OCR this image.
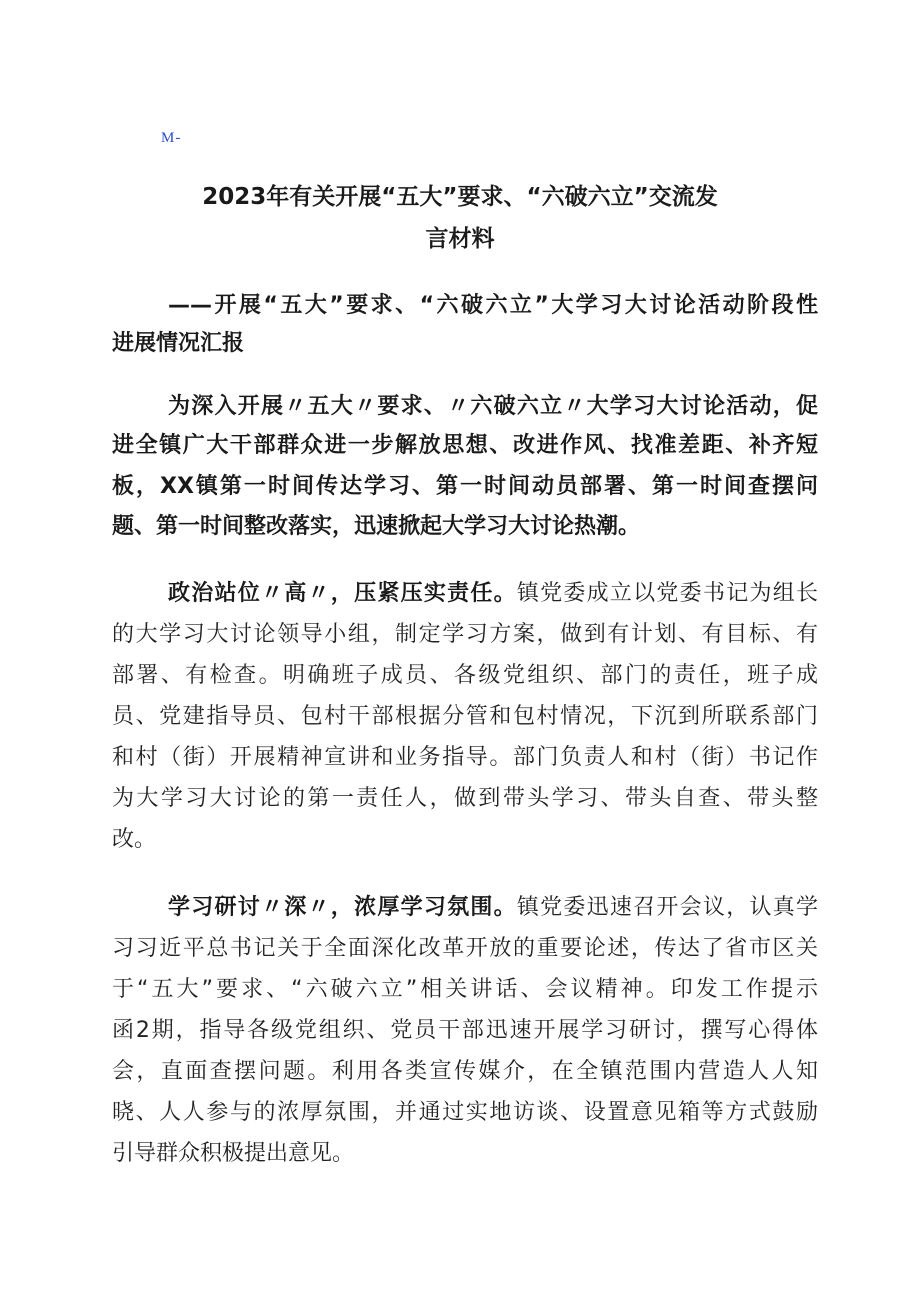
M-
2023年有关开展“五大”要求、“六破六立”交流发
言材料
——开展“五大”要求、“六破六立”大学习大讨论活动阶段性
进展情况汇报
为深入开展〃五大〃要求、〃六破六立〃大学习大讨论活动，促
进全镇广大干部群众进一步解放思想、改进作风、找准差距、补齐短
板，XX镇第一时间传达学习、第一时间动员部署、第一时间查摆问
题、第一时间整改落实，迅速掀起大学习大讨论热潮。
政治站位〃高〃，压紧压实责任。镇党委成立以党委书记为组长
的大学习大讨论领导小组，制定学习方案，做到有计划、有目标、有
部署、有检查。明确班子成员、各级党组织、部门的责任，班子成
员、党建指导员、包村干部根据分管和包村情况，下沉到所联系部门
和村（街）开展精神宣讲和业务指导。部门负责人和村（街）书记作
为大学习大讨论的第一责任人，做到带头学习、带头自查、带头整
改。
学习研讨〃深〃，浓厚学习氛围。镇党委迅速召开会议，认真学
习习近平总书记关于全面深化改革开放的重要论述，传达了省市区关
于“五大”要求、“六破六立”相关讲话、会议精神。印发工作提示
函2期，指导各级党组织、党员干部迅速开展学习研讨，撰写心得体
会，直面查摆问题。利用各类宣传媒介，在全镇范围内营造人人知
晓、人人参与的浓厚氛围，并通过实地访谈、设置意见箱等方式鼓励
引导群众积极提出意见。
